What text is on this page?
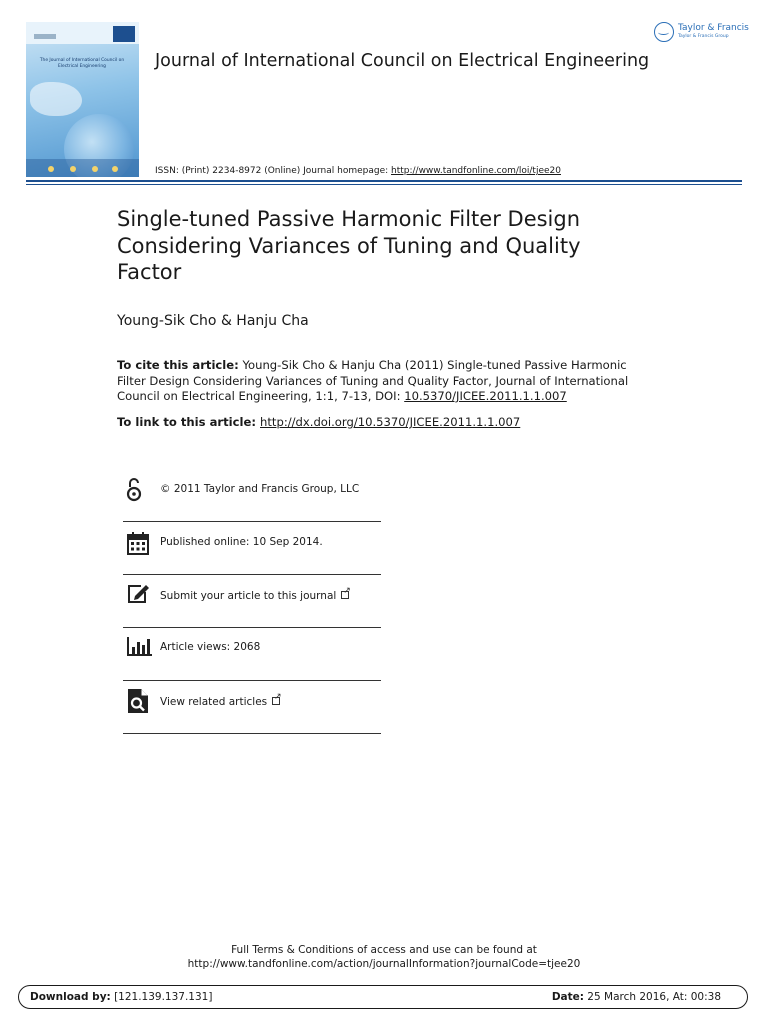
The Journal of International Council on Electrical Engineering	Journal of International Council on Electrical Engineering
ISSN: (Print) 2234-8972 (Online) Journal homepage: http://www.tandfonline.com/loi/tjee20
Taylor & Francis
Taylor & Francis Group
Single-tuned Passive Harmonic Filter Design Considering Variances of Tuning and Quality Factor
Young-Sik Cho & Hanju Cha
To cite this article: Young-Sik Cho & Hanju Cha (2011) Single-tuned Passive Harmonic Filter Design Considering Variances of Tuning and Quality Factor, Journal of International Council on Electrical Engineering, 1:1, 7-13, DOI: 10.5370/JICEE.2011.1.1.007
To link to this article: http://dx.doi.org/10.5370/JICEE.2011.1.1.007
© 2011 Taylor and Francis Group, LLC
Published online: 10 Sep 2014.
Submit your article to this journal↗
Article views: 2068
View related articles↗
Full Terms & Conditions of access and use can be found at
http://www.tandfonline.com/action/journalInformation?journalCode=tjee20
Download by: [121.139.137.131]	Date: 25 March 2016, At: 00:38
